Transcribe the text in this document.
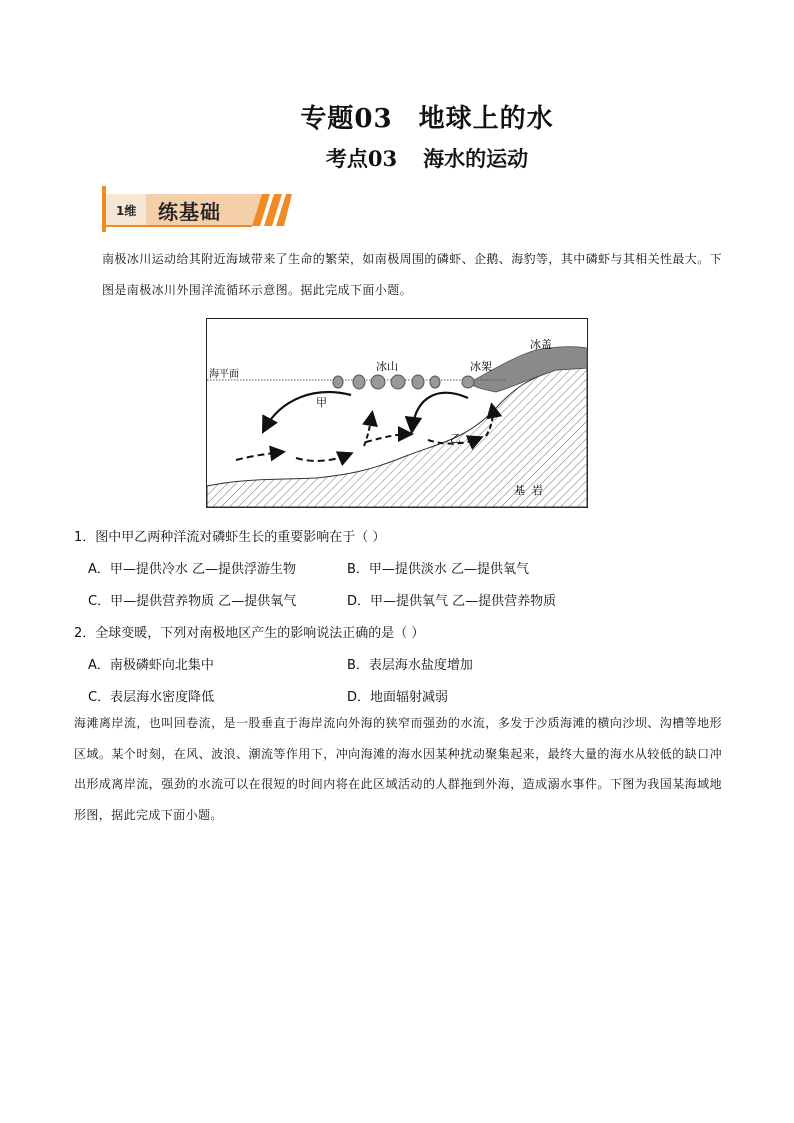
专题03 地球上的水
考点03 海水的运动
1维 练基础

南极冰川运动给其附近海域带来了生命的繁荣，如南极周围的磷虾、企鹅、海豹等，其中磷虾与其相关性最大。下图是南极冰川外围洋流循环示意图。据此完成下面小题。

冰盖
冰山	冰架
海平面
甲
乙
基  岩
1．图中甲乙两种洋流对磷虾生长的重要影响在于（ ）
A．甲—提供冷水 乙—提供浮游生物	B．甲—提供淡水 乙—提供氧气
C．甲—提供营养物质 乙—提供氧气	D．甲—提供氧气 乙—提供营养物质
2．全球变暖，下列对南极地区产生的影响说法正确的是（ ）
A．南极磷虾向北集中	B．表层海水盐度增加
C．表层海水密度降低	D．地面辐射减弱

海滩离岸流，也叫回卷流，是一股垂直于海岸流向外海的狭窄而强劲的水流，多发于沙质海滩的横向沙坝、沟槽等地形区域。某个时刻，在风、波浪、潮流等作用下，冲向海滩的海水因某种扰动聚集起来，最终大量的海水从较低的缺口冲出形成离岸流，强劲的水流可以在很短的时间内将在此区域活动的人群拖到外海，造成溺水事件。下图为我国某海域地形图，据此完成下面小题。
